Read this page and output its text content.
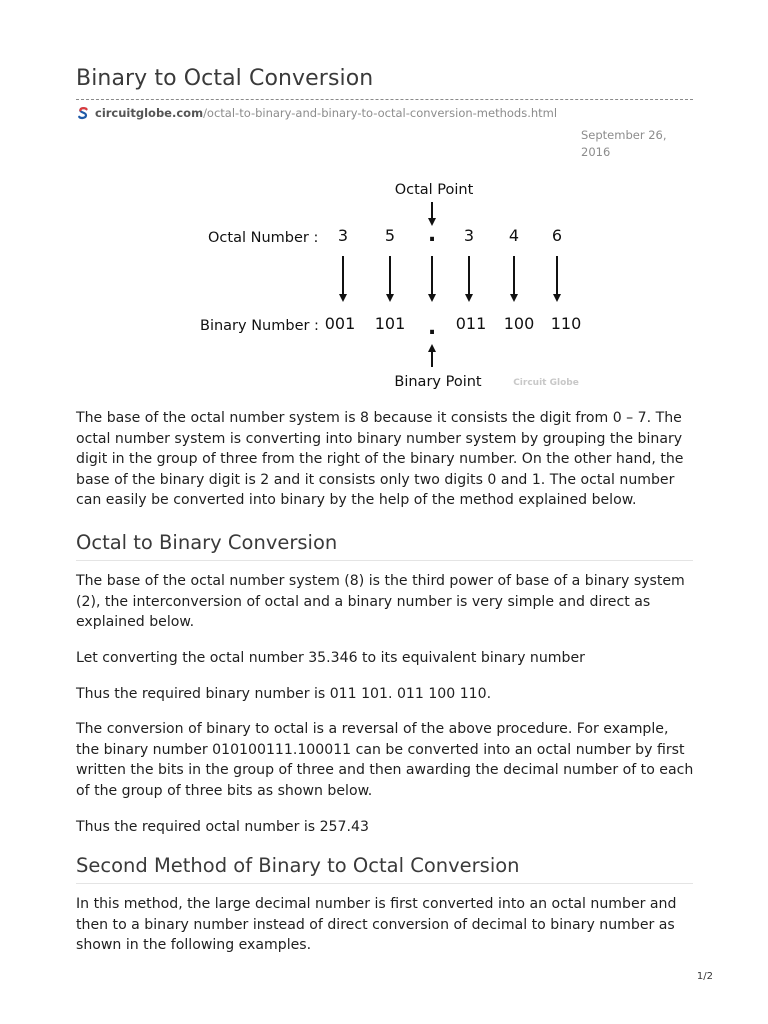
Binary to Octal Conversion
circuitglobe.com/octal-to-binary-and-binary-to-octal-conversion-methods.html
September 26,
2016
Octal Point
Octal Number : 3 5 . 3 4 6
Binary Number : 001 101 . 011 100 110
Binary Point	Circuit Globe

The base of the octal number system is 8 because it consists the digit from 0 – 7. The octal number system is converting into binary number system by grouping the binary digit in the group of three from the right of the binary number. On the other hand, the base of the binary digit is 2 and it consists only two digits 0 and 1. The octal number can easily be converted into binary by the help of the method explained below.

Octal to Binary Conversion

The base of the octal number system (8) is the third power of base of a binary system (2), the interconversion of octal and a binary number is very simple and direct as explained below.

Let converting the octal number 35.346 to its equivalent binary number

Thus the required binary number is 011 101. 011 100 110.

The conversion of binary to octal is a reversal of the above procedure. For example, the binary number 010100111.100011 can be converted into an octal number by first written the bits in the group of three and then awarding the decimal number of to each of the group of three bits as shown below.

Thus the required octal number is 257.43

Second Method of Binary to Octal Conversion

In this method, the large decimal number is first converted into an octal number and then to a binary number instead of direct conversion of decimal to binary number as shown in the following examples.

1/2
